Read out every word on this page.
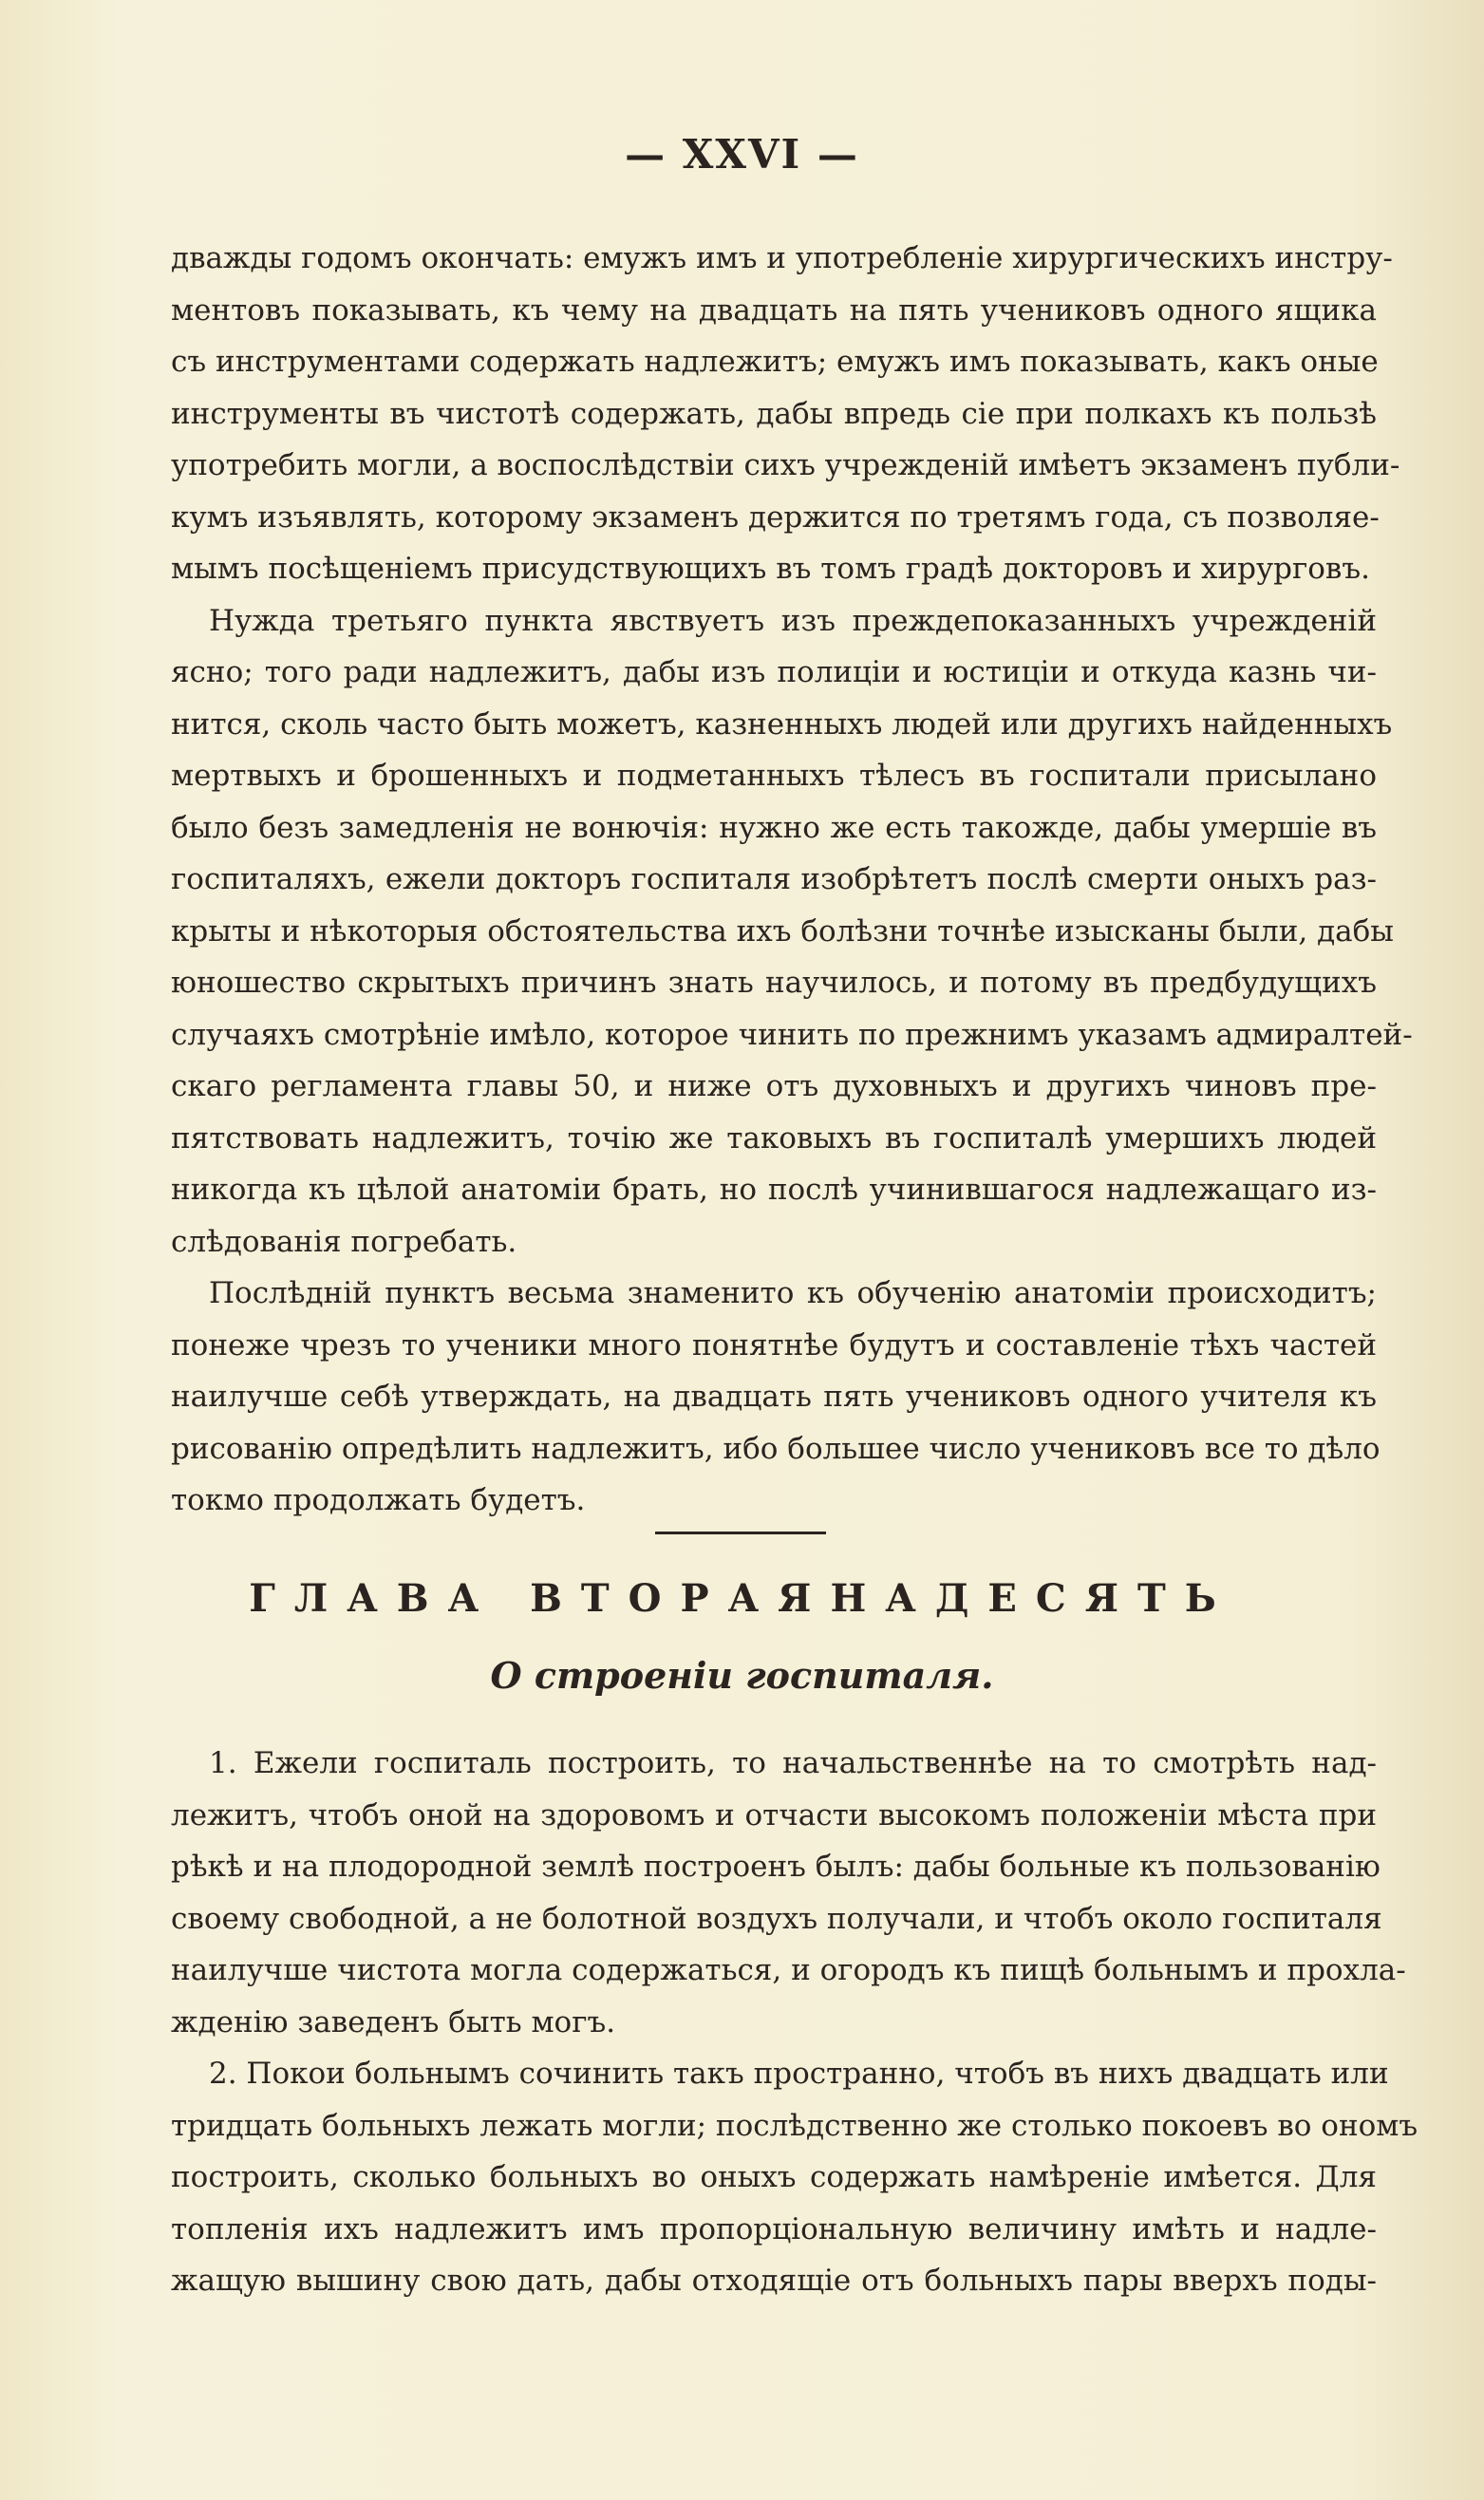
— XXVI —

дважды годомъ окончать: емужъ имъ и употребленіе хирургическихъ инстру-
ментовъ показывать, къ чему на двадцать на пять учениковъ одного ящика
съ инструментами содержать надлежитъ; емужъ имъ показывать, какъ оные
инструменты въ чистотѣ содержать, дабы впредь сіе при полкахъ къ пользѣ
употребить могли, а воспослѣдствіи сихъ учрежденій имѣетъ экзаменъ публи-
кумъ изъявлять, которому экзаменъ держится по третямъ года, съ позволяе-
мымъ посѣщеніемъ присудствующихъ въ томъ градѣ докторовъ и хирурговъ.

Нужда третьяго пункта явствуетъ изъ преждепоказанныхъ учрежденій
ясно; того ради надлежитъ, дабы изъ полиціи и юстиціи и откуда казнь чи-
нится, сколь часто быть можетъ, казненныхъ людей или другихъ найденныхъ
мертвыхъ и брошенныхъ и подметанныхъ тѣлесъ въ госпитали присылано
было безъ замедленія не вонючія: нужно же есть такожде, дабы умершіе въ
госпиталяхъ, ежели докторъ госпиталя изобрѣтетъ послѣ смерти оныхъ раз-
крыты и нѣкоторыя обстоятельства ихъ болѣзни точнѣе изысканы были, дабы
юношество скрытыхъ причинъ знать научилось, и потому въ предбудущихъ
случаяхъ смотрѣніе имѣло, которое чинить по прежнимъ указамъ адмиралтей-
скаго регламента главы 50, и ниже отъ духовныхъ и другихъ чиновъ пре-
пятствовать надлежитъ, точію же таковыхъ въ госпиталѣ умершихъ людей
никогда къ цѣлой анатоміи брать, но послѣ учинившагося надлежащаго из-
слѣдованія погребать.

Послѣдній пунктъ весьма знаменито къ обученію анатоміи происходитъ;
понеже чрезъ то ученики много понятнѣе будутъ и составленіе тѣхъ частей
наилучше себѣ утверждать, на двадцать пять учениковъ одного учителя къ
рисованію опредѣлить надлежитъ, ибо большее число учениковъ все то дѣло
токмо продолжать будетъ.

ГЛАВА ВТОРАЯНАДЕСЯТЬ
О строеніи госпиталя.

1. Ежели госпиталь построить, то начальственнѣе на то смотрѣть над-
лежитъ, чтобъ оной на здоровомъ и отчасти высокомъ положеніи мѣста при
рѣкѣ и на плодородной землѣ построенъ былъ: дабы больные къ пользованію
своему свободной, а не болотной воздухъ получали, и чтобъ около госпиталя
наилучше чистота могла содержаться, и огородъ къ пищѣ больнымъ и прохла-
жденію заведенъ быть могъ.

2. Покои больнымъ сочинить такъ пространно, чтобъ въ нихъ двадцать или
тридцать больныхъ лежать могли; послѣдственно же столько покоевъ во ономъ
построить, сколько больныхъ во оныхъ содержать намѣреніе имѣется. Для
топленія ихъ надлежитъ имъ пропорціональную величину имѣть и надле-
жащую вышину свою дать, дабы отходящіе отъ больныхъ пары вверхъ поды-
